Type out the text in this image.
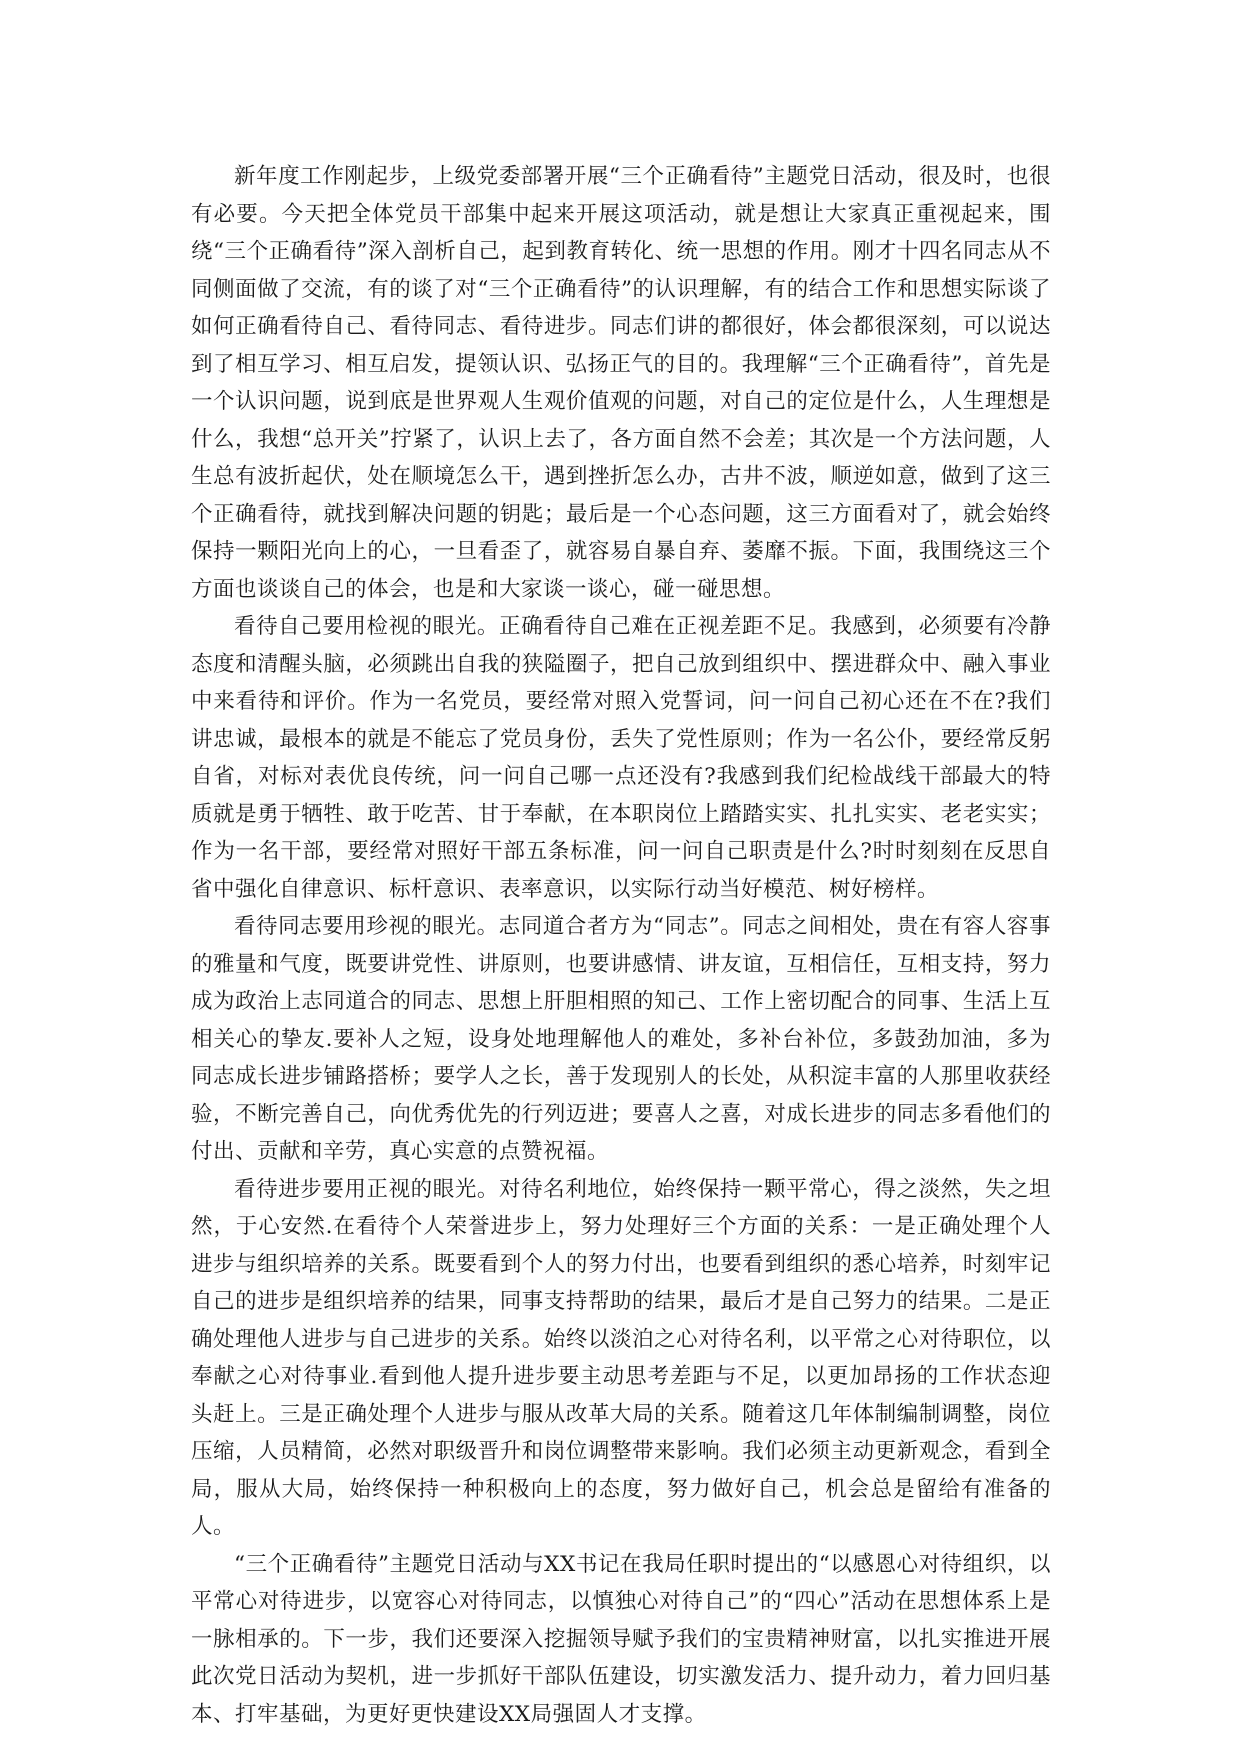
新年度工作刚起步，上级党委部署开展“三个正确看待”主题党日活动，很及时，也很有必要。今天把全体党员干部集中起来开展这项活动，就是想让大家真正重视起来，围绕“三个正确看待”深入剖析自己，起到教育转化、统一思想的作用。刚才十四名同志从不同侧面做了交流，有的谈了对“三个正确看待”的认识理解，有的结合工作和思想实际谈了如何正确看待自己、看待同志、看待进步。同志们讲的都很好，体会都很深刻，可以说达到了相互学习、相互启发，提领认识、弘扬正气的目的。我理解“三个正确看待”，首先是一个认识问题，说到底是世界观人生观价值观的问题，对自己的定位是什么，人生理想是什么，我想“总开关”拧紧了，认识上去了，各方面自然不会差；其次是一个方法问题，人生总有波折起伏，处在顺境怎么干，遇到挫折怎么办，古井不波，顺逆如意，做到了这三个正确看待，就找到解决问题的钥匙；最后是一个心态问题，这三方面看对了，就会始终保持一颗阳光向上的心，一旦看歪了，就容易自暴自弃、萎靡不振。下面，我围绕这三个方面也谈谈自己的体会，也是和大家谈一谈心，碰一碰思想。

看待自己要用检视的眼光。正确看待自己难在正视差距不足。我感到，必须要有冷静态度和清醒头脑，必须跳出自我的狭隘圈子，把自己放到组织中、摆进群众中、融入事业中来看待和评价。作为一名党员，要经常对照入党誓词，问一问自己初心还在不在?我们讲忠诚，最根本的就是不能忘了党员身份，丢失了党性原则；作为一名公仆，要经常反躬自省，对标对表优良传统，问一问自己哪一点还没有?我感到我们纪检战线干部最大的特质就是勇于牺牲、敢于吃苦、甘于奉献，在本职岗位上踏踏实实、扎扎实实、老老实实；作为一名干部，要经常对照好干部五条标准，问一问自己职责是什么?时时刻刻在反思自省中强化自律意识、标杆意识、表率意识，以实际行动当好模范、树好榜样。

看待同志要用珍视的眼光。志同道合者方为“同志”。同志之间相处，贵在有容人容事的雅量和气度，既要讲党性、讲原则，也要讲感情、讲友谊，互相信任，互相支持，努力成为政治上志同道合的同志、思想上肝胆相照的知己、工作上密切配合的同事、生活上互相关心的挚友.要补人之短，设身处地理解他人的难处，多补台补位，多鼓劲加油，多为同志成长进步铺路搭桥；要学人之长，善于发现别人的长处，从积淀丰富的人那里收获经验，不断完善自己，向优秀优先的行列迈进；要喜人之喜，对成长进步的同志多看他们的付出、贡献和辛劳，真心实意的点赞祝福。

看待进步要用正视的眼光。对待名利地位，始终保持一颗平常心，得之淡然，失之坦然，于心安然.在看待个人荣誉进步上，努力处理好三个方面的关系：一是正确处理个人进步与组织培养的关系。既要看到个人的努力付出，也要看到组织的悉心培养，时刻牢记自己的进步是组织培养的结果，同事支持帮助的结果，最后才是自己努力的结果。二是正确处理他人进步与自己进步的关系。始终以淡泊之心对待名利，以平常之心对待职位，以奉献之心对待事业.看到他人提升进步要主动思考差距与不足，以更加昂扬的工作状态迎头赶上。三是正确处理个人进步与服从改革大局的关系。随着这几年体制编制调整，岗位压缩，人员精简，必然对职级晋升和岗位调整带来影响。我们必须主动更新观念，看到全局，服从大局，始终保持一种积极向上的态度，努力做好自己，机会总是留给有准备的人。

“三个正确看待”主题党日活动与XX书记在我局任职时提出的“以感恩心对待组织，以平常心对待进步，以宽容心对待同志，以慎独心对待自己”的“四心”活动在思想体系上是一脉相承的。下一步，我们还要深入挖掘领导赋予我们的宝贵精神财富，以扎实推进开展此次党日活动为契机，进一步抓好干部队伍建设，切实激发活力、提升动力，着力回归基本、打牢基础，为更好更快建设XX局强固人才支撑。
